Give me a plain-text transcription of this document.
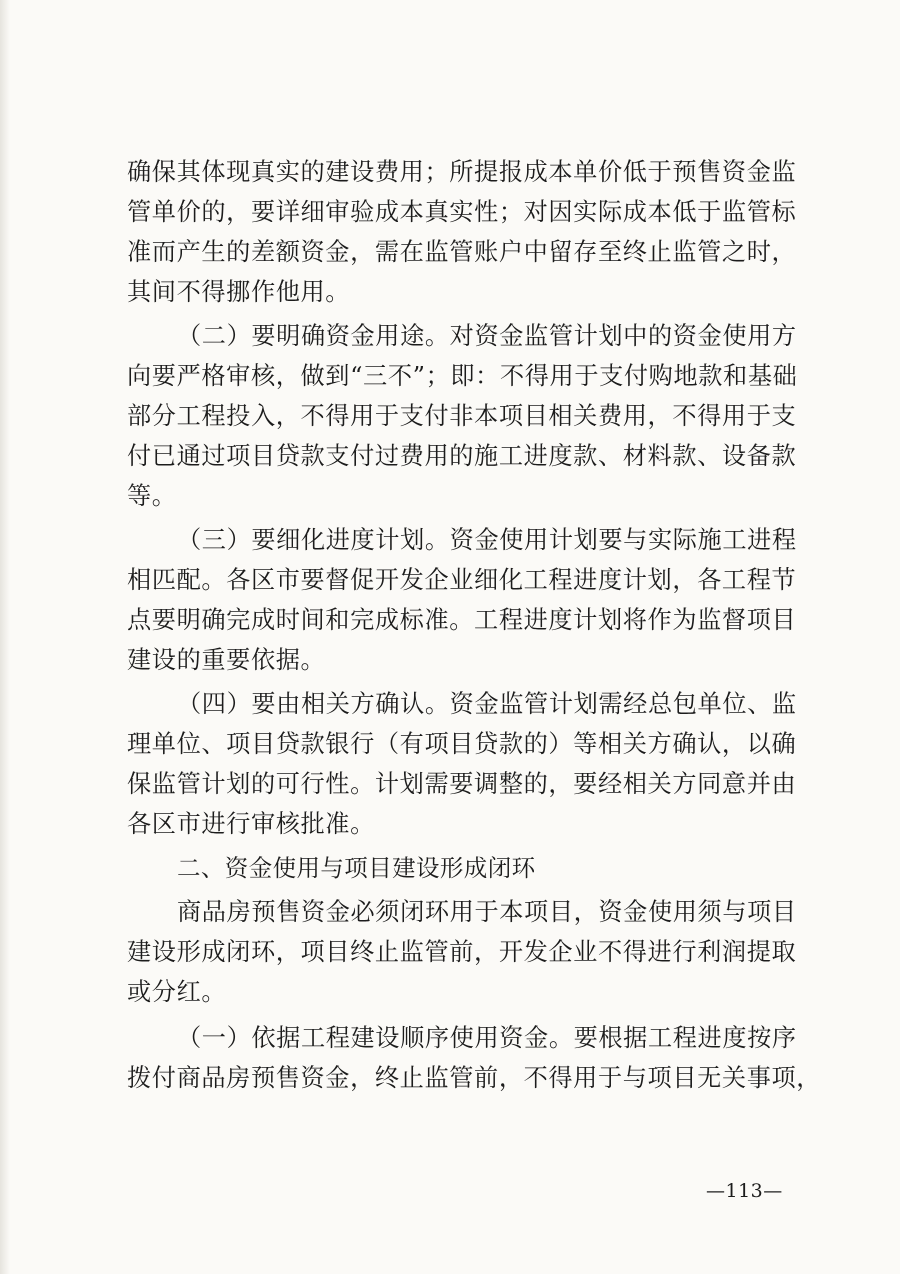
确保其体现真实的建设费用；所提报成本单价低于预售资金监
管单价的，要详细审验成本真实性；对因实际成本低于监管标
准而产生的差额资金，需在监管账户中留存至终止监管之时，
其间不得挪作他用。
（二）要明确资金用途。对资金监管计划中的资金使用方
向要严格审核，做到“三不”；即：不得用于支付购地款和基础
部分工程投入，不得用于支付非本项目相关费用，不得用于支
付已通过项目贷款支付过费用的施工进度款、材料款、设备款
等。
（三）要细化进度计划。资金使用计划要与实际施工进程
相匹配。各区市要督促开发企业细化工程进度计划，各工程节
点要明确完成时间和完成标准。工程进度计划将作为监督项目
建设的重要依据。
（四）要由相关方确认。资金监管计划需经总包单位、监
理单位、项目贷款银行（有项目贷款的）等相关方确认，以确
保监管计划的可行性。计划需要调整的，要经相关方同意并由
各区市进行审核批准。
二、资金使用与项目建设形成闭环
商品房预售资金必须闭环用于本项目，资金使用须与项目
建设形成闭环，项目终止监管前，开发企业不得进行利润提取
或分红。
（一）依据工程建设顺序使用资金。要根据工程进度按序
拨付商品房预售资金，终止监管前，不得用于与项目无关事项，
—113—
